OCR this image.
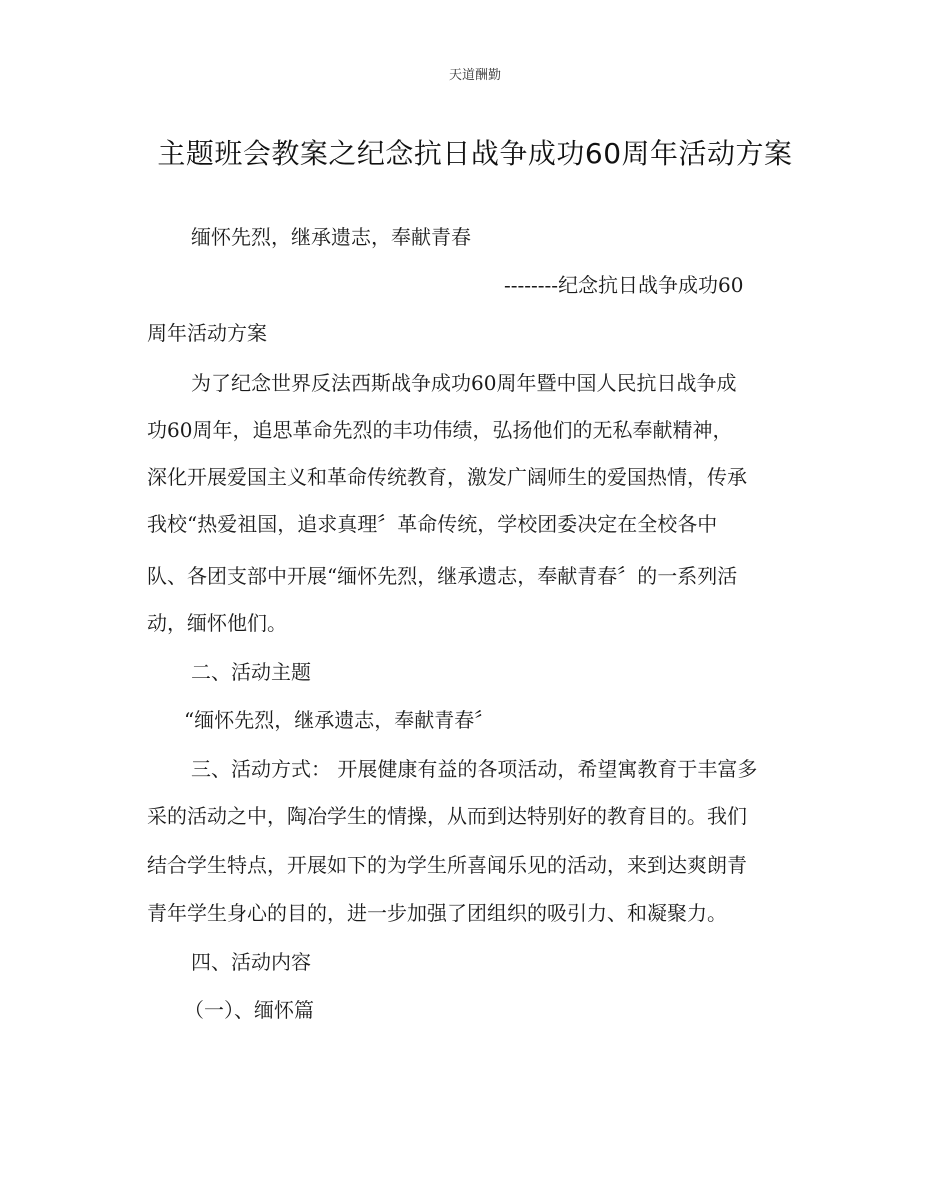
天道酬勤
主题班会教案之纪念抗日战争成功60周年活动方案

缅怀先烈，继承遗志，奉献青春

--------纪念抗日战争成功60

周年活动方案

为了纪念世界反法西斯战争成功60周年暨中国人民抗日战争成

功60周年，追思革命先烈的丰功伟绩，弘扬他们的无私奉献精神，

深化开展爱国主义和革命传统教育，激发广阔师生的爱国热情，传承

我校“热爱祖国，追求真理〞革命传统，学校团委决定在全校各中

队、各团支部中开展“缅怀先烈，继承遗志，奉献青春〞的一系列活

动，缅怀他们。

二、活动主题

“缅怀先烈，继承遗志，奉献青春〞

三、活动方式： 开展健康有益的各项活动，希望寓教育于丰富多

采的活动之中，陶冶学生的情操，从而到达特别好的教育目的。我们

结合学生特点，开展如下的为学生所喜闻乐见的活动，来到达爽朗青

青年学生身心的目的，进一步加强了团组织的吸引力、和凝聚力。

四、活动内容

（一）、缅怀篇
